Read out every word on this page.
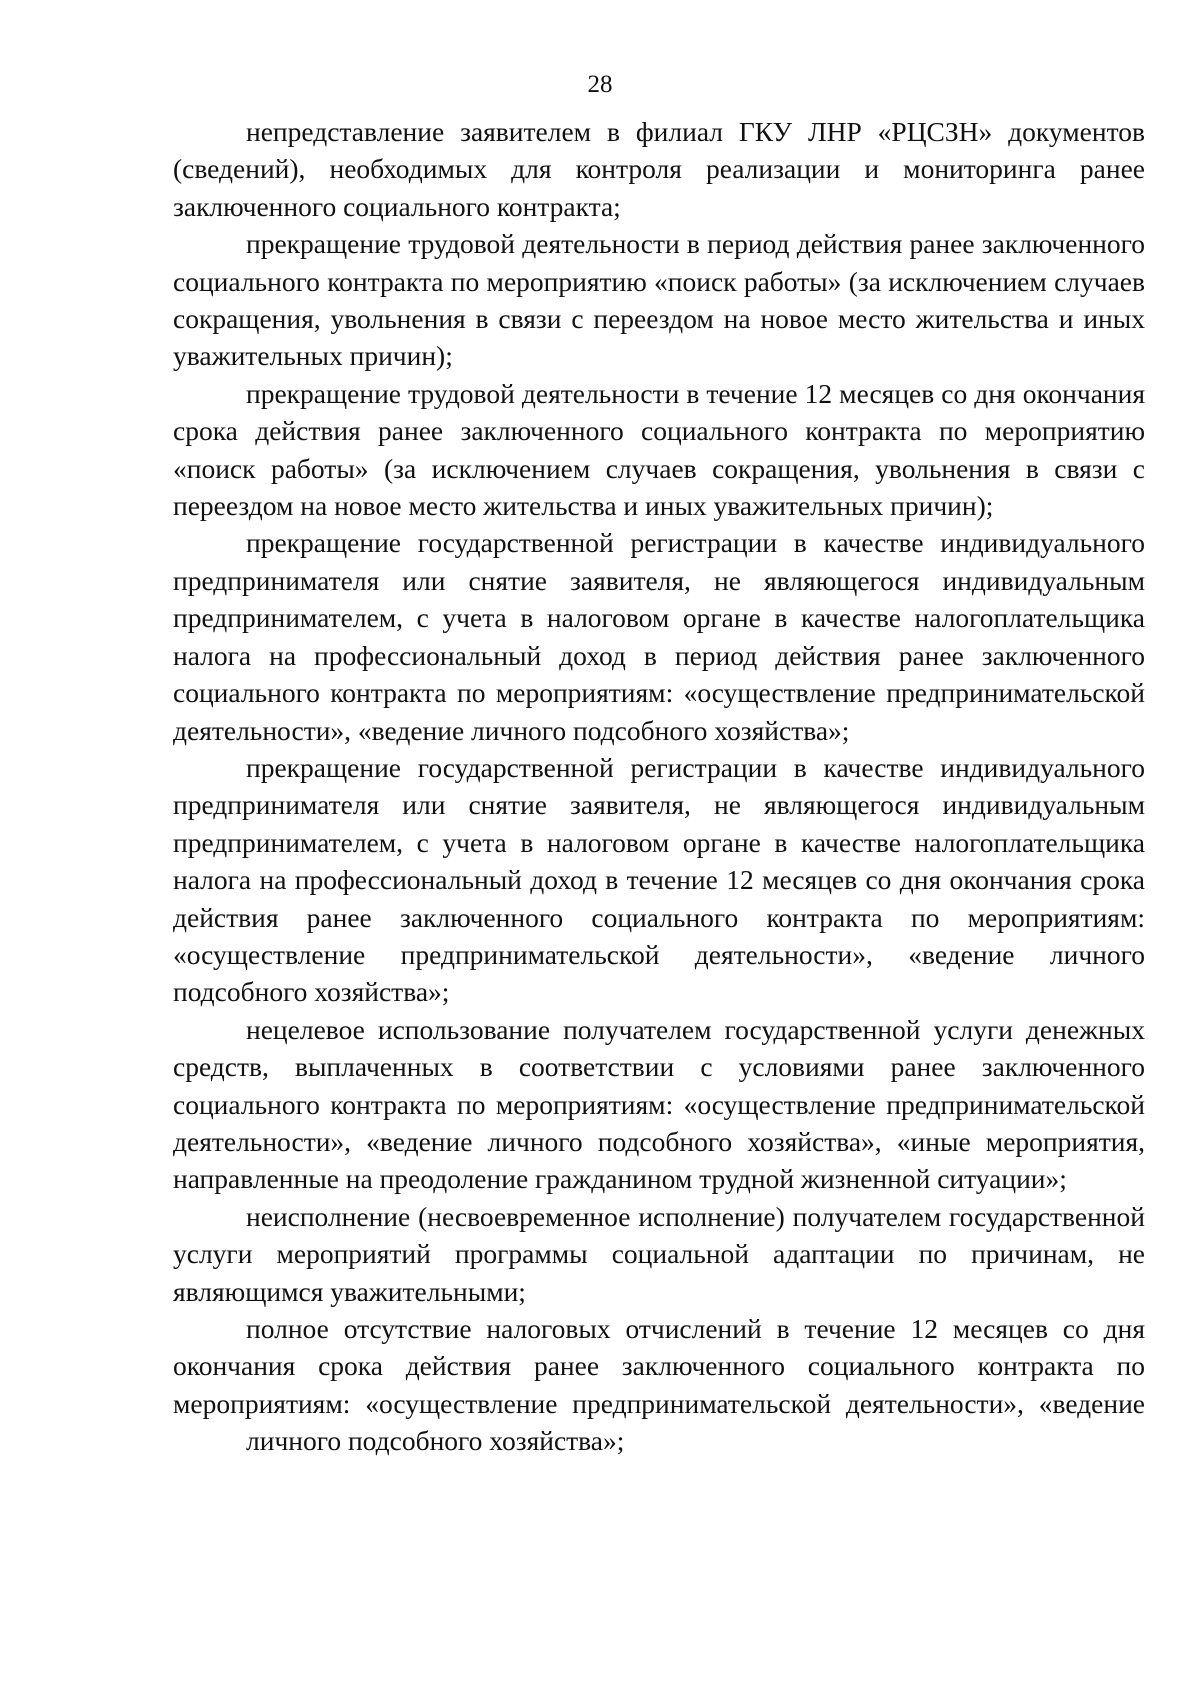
28

непредставление заявителем в филиал ГКУ ЛНР «РЦСЗН» документов (сведений), необходимых для контроля реализации и мониторинга ранее заключенного социального контракта;

прекращение трудовой деятельности в период действия ранее заключенного социального контракта по мероприятию «поиск работы» (за исключением случаев сокращения, увольнения в связи с переездом на новое место жительства и иных уважительных причин);

прекращение трудовой деятельности в течение 12 месяцев со дня окончания срока действия ранее заключенного социального контракта по мероприятию «поиск работы» (за исключением случаев сокращения, увольнения в связи с переездом на новое место жительства и иных уважительных причин);

прекращение государственной регистрации в качестве индивидуального предпринимателя или снятие заявителя, не являющегося индивидуальным предпринимателем, с учета в налоговом органе в качестве налогоплательщика налога на профессиональный доход в период действия ранее заключенного социального контракта по мероприятиям: «осуществление предпринимательской деятельности», «ведение личного подсобного хозяйства»;

прекращение государственной регистрации в качестве индивидуального предпринимателя или снятие заявителя, не являющегося индивидуальным предпринимателем, с учета в налоговом органе в качестве налогоплательщика налога на профессиональный доход в течение 12 месяцев со дня окончания срока действия ранее заключенного социального контракта по мероприятиям: «осуществление предпринимательской деятельности», «ведение личного подсобного хозяйства»;

нецелевое использование получателем государственной услуги денежных средств, выплаченных в соответствии с условиями ранее заключенного социального контракта по мероприятиям: «осуществление предпринимательской деятельности», «ведение личного подсобного хозяйства», «иные мероприятия, направленные на преодоление гражданином трудной жизненной ситуации»;

неисполнение (несвоевременное исполнение) получателем государственной услуги мероприятий программы социальной адаптации по причинам, не являющимся уважительными;

полное отсутствие налоговых отчислений в течение 12 месяцев со дня окончания срока действия ранее заключенного социального контракта по мероприятиям: «осуществление предпринимательской деятельности», «ведение

личного подсобного хозяйства»;
